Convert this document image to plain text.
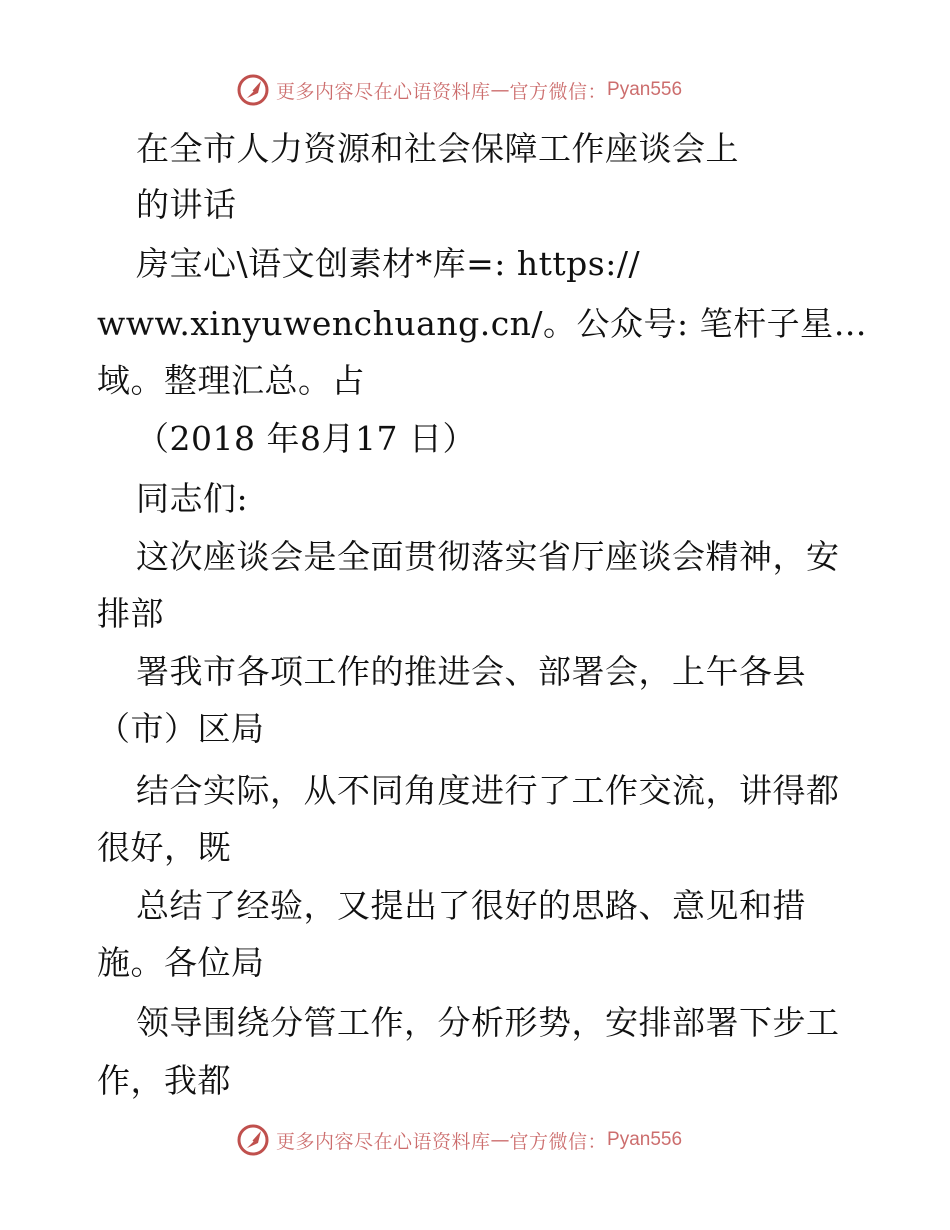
更多内容尽在心语资料库 — 官方微信： Pyan556
在全市人力资源和社会保障工作座谈会上
的讲话
房宝心\语文创素材*库=: https://
www.xinyuwenchuang.cn/。公众号: 笔杆子星…
域。整理汇总。占
（2018 年8月17 日）
同志们:
这次座谈会是全面贯彻落实省厅座谈会精神，安
排部
署我市各项工作的推进会、部署会，上午各县
（市）区局
结合实际，从不同角度进行了工作交流，讲得都
很好，既
总结了经验，又提出了很好的思路、意见和措
施。各位局
领导围绕分管工作，分析形势，安排部署下步工
作，我都
更多内容尽在心语资料库 — 官方微信： Pyan556
